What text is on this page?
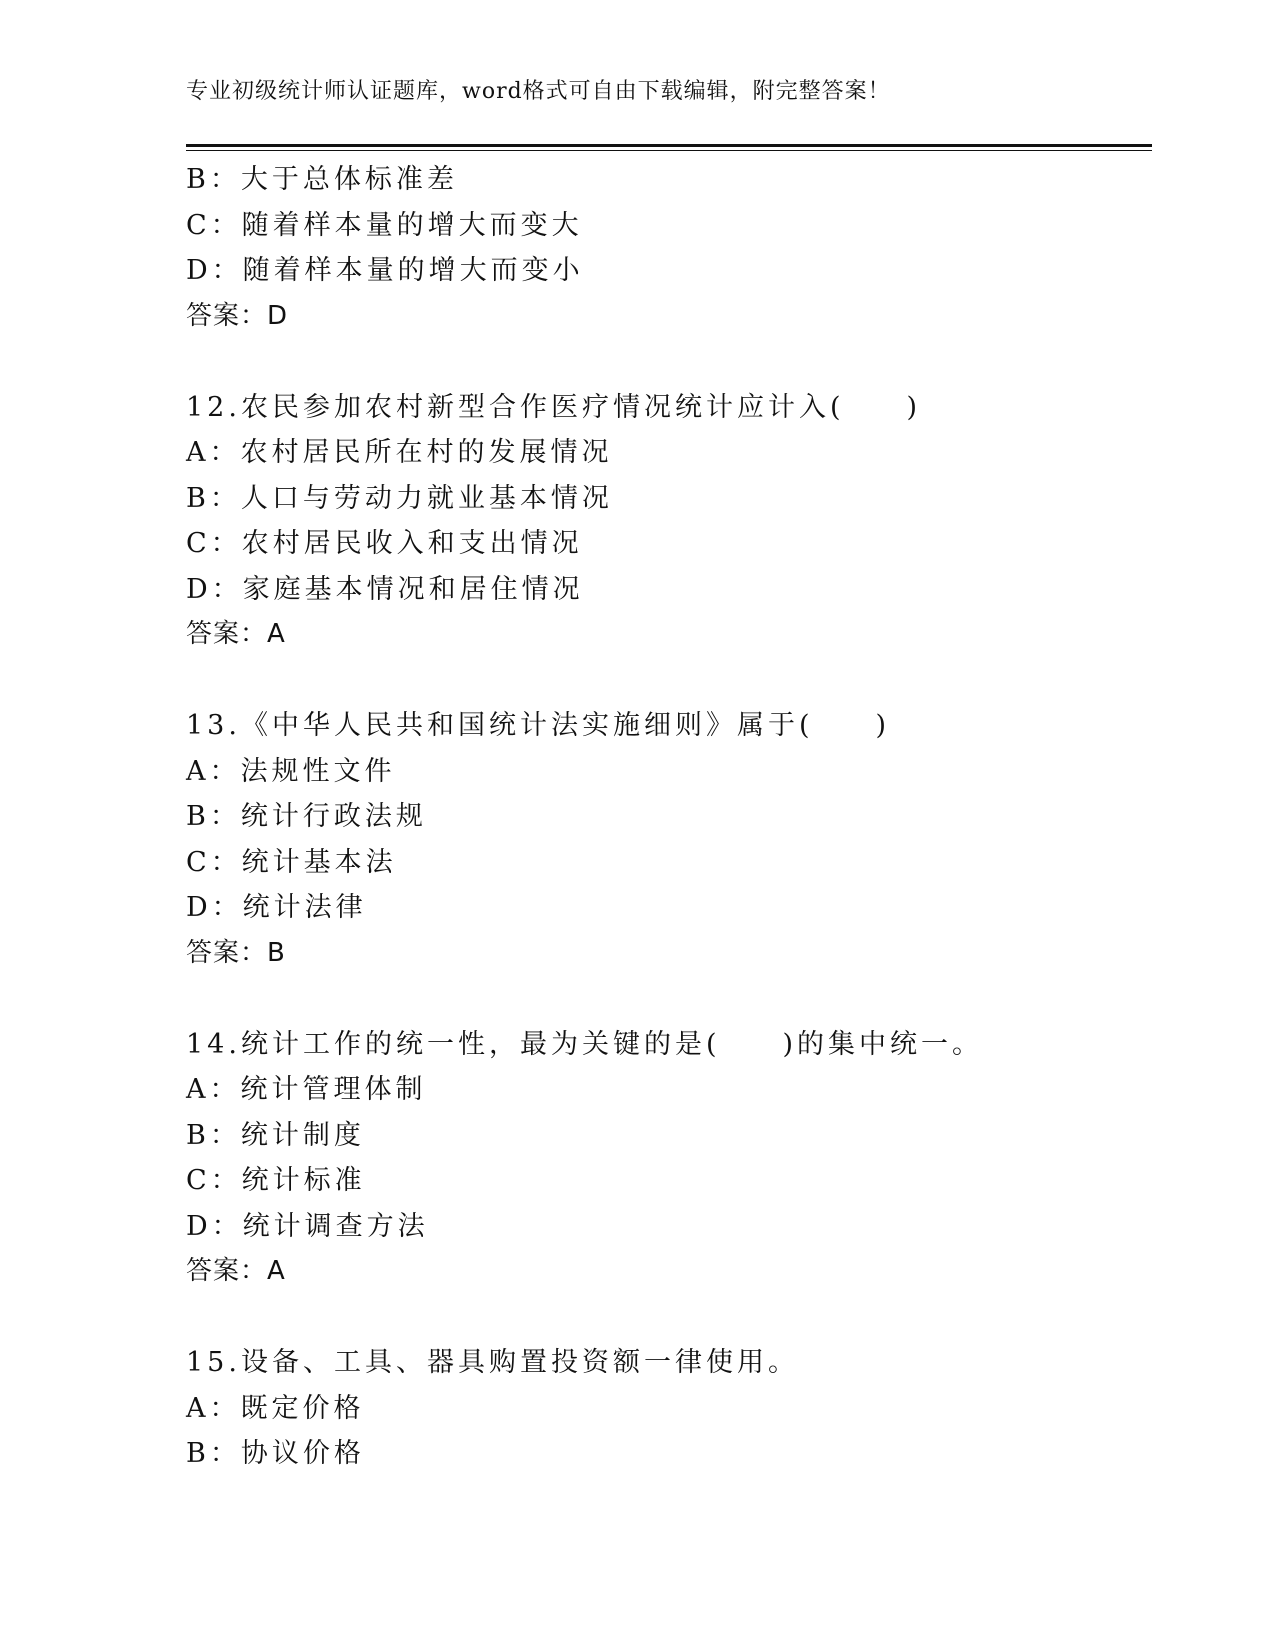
专业初级统计师认证题库，word格式可自由下载编辑，附完整答案！
B：大于总体标准差
C：随着样本量的增大而变大
D：随着样本量的增大而变小
答案：D
12.农民参加农村新型合作医疗情况统计应计入(　　)
A：农村居民所在村的发展情况
B：人口与劳动力就业基本情况
C：农村居民收入和支出情况
D：家庭基本情况和居住情况
答案：A
13.《中华人民共和国统计法实施细则》属于(　　)
A：法规性文件
B：统计行政法规
C：统计基本法
D：统计法律
答案：B
14.统计工作的统一性，最为关键的是(　　)的集中统一。
A：统计管理体制
B：统计制度
C：统计标准
D：统计调查方法
答案：A
15.设备、工具、器具购置投资额一律使用。
A：既定价格
B：协议价格
